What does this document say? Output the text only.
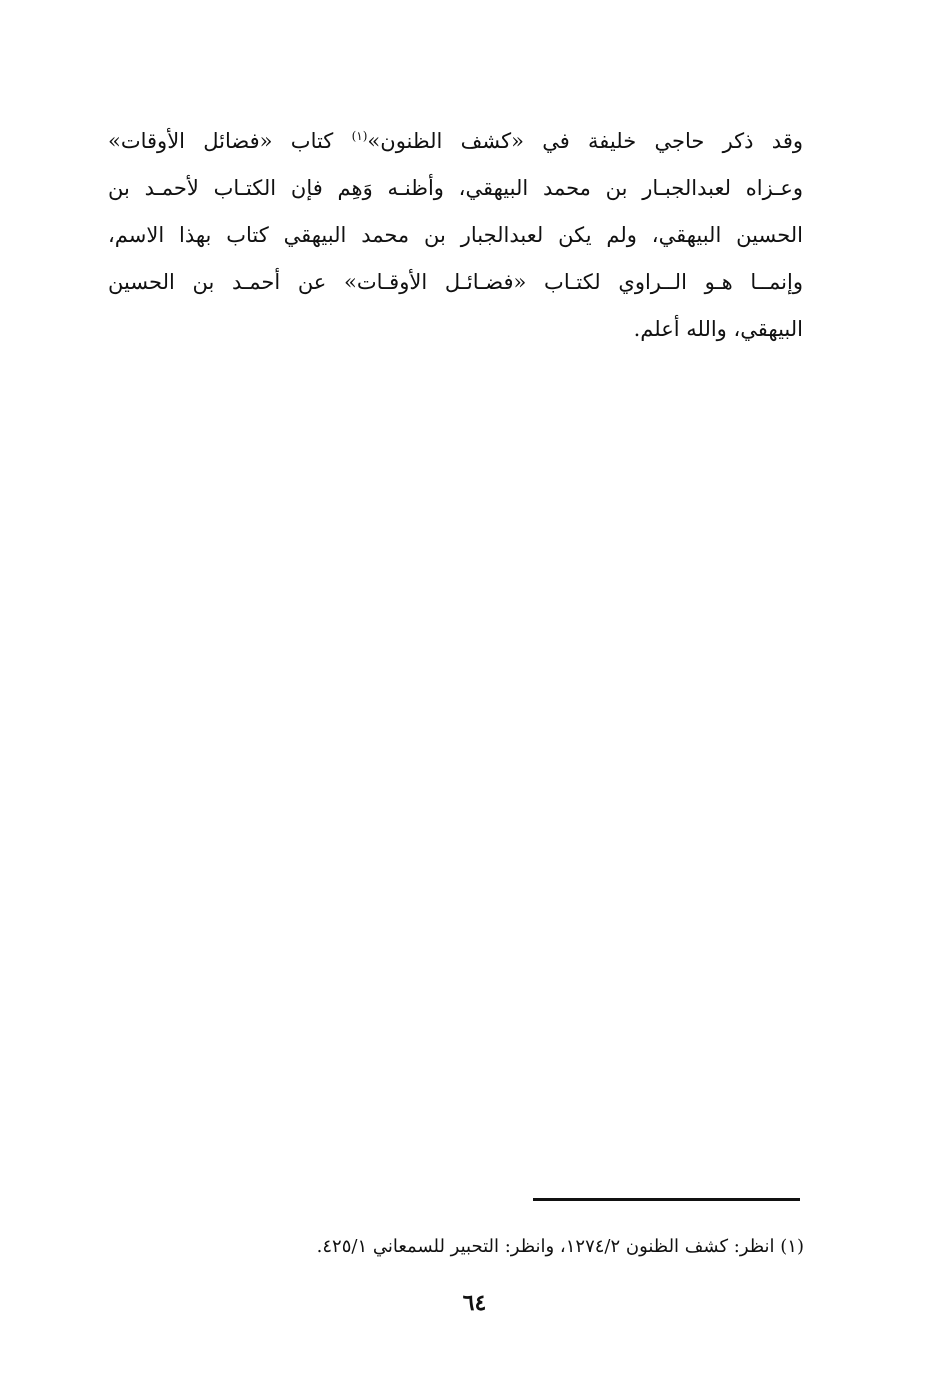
وقد ذكر حاجي خليفة في «كشف الظنون»$^{(١)}$ كتاب «فضائل الأوقات»
وعـزاه لعبدالجبـار بن محمد البيهقي، وأظنـه وَهِم فإن الكتـاب لأحمـد بن
الحسين البيهقي، ولم يكن لعبدالجبار بن محمد البيهقي كتاب بهذا الاسم،
وإنمــا هـو الــراوي لكتـاب «فضـائـل الأوقـات» عن أحمـد بن الحسين
البيهقي، والله أعلم.
(١) انظر: كشف الظنون ١٢٧٤/٢، وانظر: التحبير للسمعاني ٤٢٥/١.
٦٤
